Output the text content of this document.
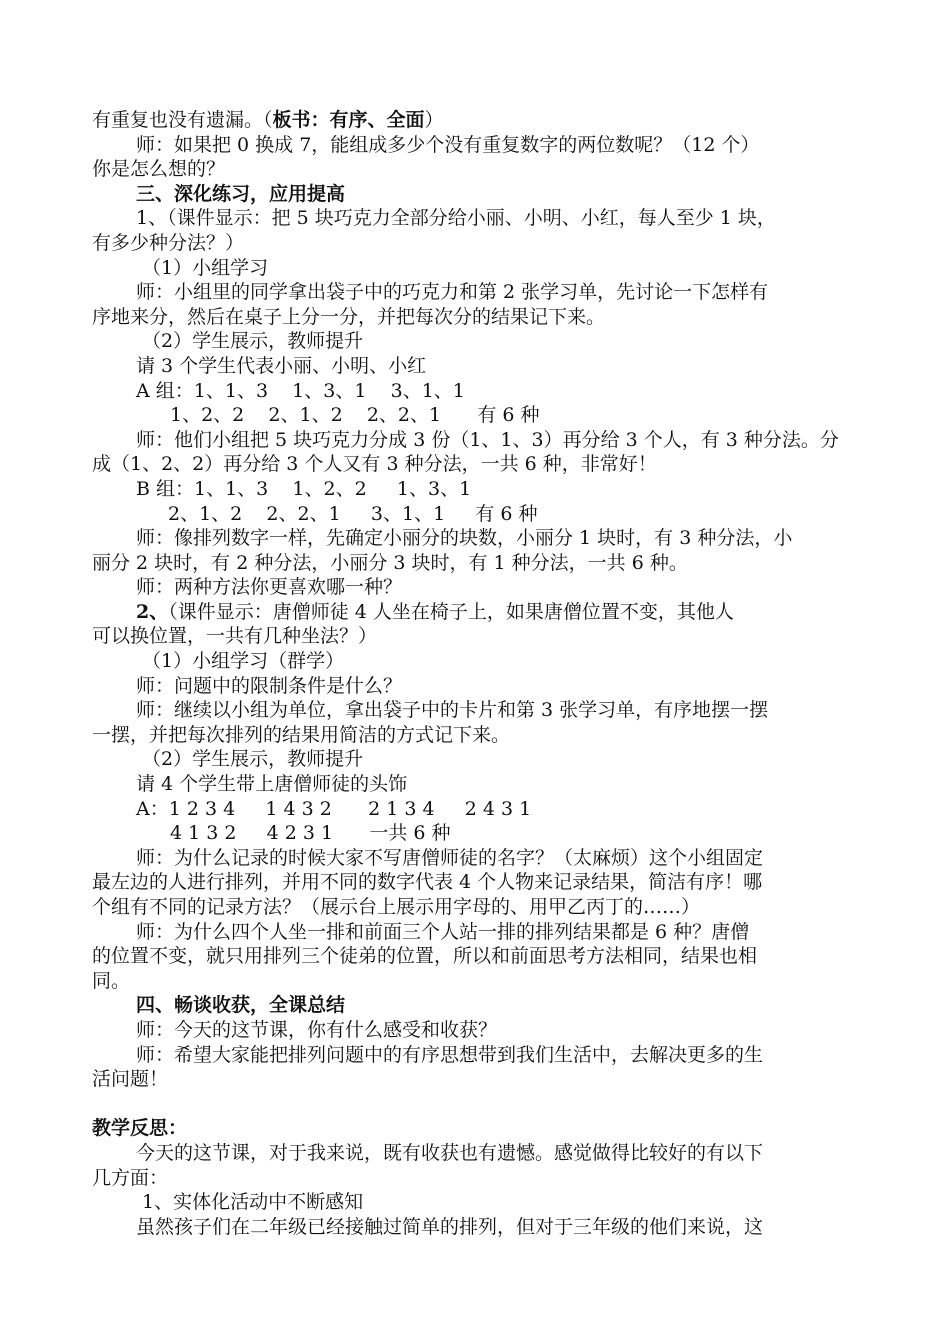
有重复也没有遗漏。（板书：有序、全面）
师：如果把 0 换成 7，能组成多少个没有重复数字的两位数呢？（12 个）
你是怎么想的？
三、深化练习，应用提高
1、（课件显示：把 5 块巧克力全部分给小丽、小明、小红，每人至少 1 块，
有多少种分法？）
（1）小组学习
师：小组里的同学拿出袋子中的巧克力和第 2 张学习单，先讨论一下怎样有
序地来分，然后在桌子上分一分，并把每次分的结果记下来。
（2）学生展示，教师提升
请 3 个学生代表小丽、小明、小红
A 组：1、1、3    1、3、1    3、1、1
1、2、2    2、1、2    2、2、1      有 6 种
师：他们小组把 5 块巧克力分成 3 份（1、1、3）再分给 3 个人，有 3 种分法。分
成（1、2、2）再分给 3 个人又有 3 种分法，一共 6 种，非常好！
B 组：1、1、3    1、2、2     1、3、1
2、1、2    2、2、1     3、1、1     有 6 种
师：像排列数字一样，先确定小丽分的块数，小丽分 1 块时，有 3 种分法，小
丽分 2 块时，有 2 种分法，小丽分 3 块时，有 1 种分法，一共 6 种。
师：两种方法你更喜欢哪一种？
2、（课件显示：唐僧师徒 4 人坐在椅子上，如果唐僧位置不变，其他人
可以换位置，一共有几种坐法？）
（1）小组学习（群学）
师：问题中的限制条件是什么？
师：继续以小组为单位，拿出袋子中的卡片和第 3 张学习单，有序地摆一摆
一摆，并把每次排列的结果用简洁的方式记下来。
（2）学生展示，教师提升
请 4 个学生带上唐僧师徒的头饰
A：1 2 3 4     1 4 3 2      2 1 3 4     2 4 3 1
4 1 3 2     4 2 3 1      一共 6 种
师：为什么记录的时候大家不写唐僧师徒的名字？（太麻烦）这个小组固定
最左边的人进行排列，并用不同的数字代表 4 个人物来记录结果，简洁有序！哪
个组有不同的记录方法？（展示台上展示用字母的、用甲乙丙丁的……）
师：为什么四个人坐一排和前面三个人站一排的排列结果都是 6 种？唐僧
的位置不变，就只用排列三个徒弟的位置，所以和前面思考方法相同，结果也相
同。
四、畅谈收获，全课总结
师：今天的这节课，你有什么感受和收获？
师：希望大家能把排列问题中的有序思想带到我们生活中，去解决更多的生
活问题！
教学反思：
今天的这节课，对于我来说，既有收获也有遗憾。感觉做得比较好的有以下
几方面：
1、实体化活动中不断感知
虽然孩子们在二年级已经接触过简单的排列，但对于三年级的他们来说，这
